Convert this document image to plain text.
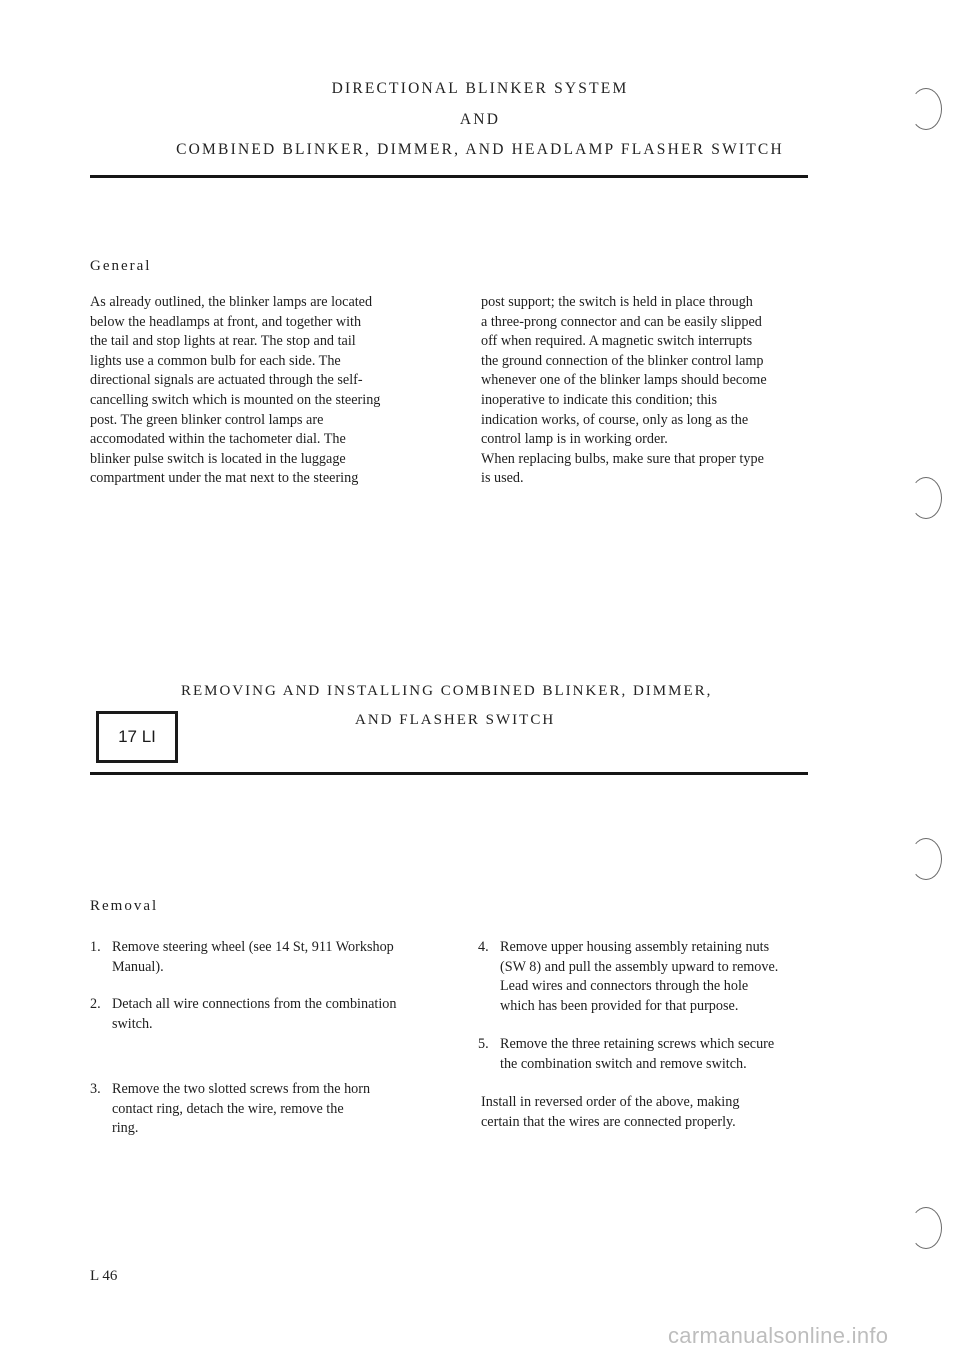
DIRECTIONAL BLINKER SYSTEM
AND
COMBINED BLINKER, DIMMER, AND HEADLAMP FLASHER SWITCH
General
As already outlined, the blinker lamps are located
below the headlamps at front, and together with
the tail and stop lights at rear. The stop and tail
lights use a common bulb for each side. The
directional signals are actuated through the self-
cancelling switch which is mounted on the steering
post. The green blinker control lamps are
accomodated within the tachometer dial. The
blinker pulse switch is located in the luggage
compartment under the mat next to the steering
post support; the switch is held in place through
a three-prong connector and can be easily slipped
off when required. A magnetic switch interrupts
the ground connection of the blinker control lamp
whenever one of the blinker lamps should become
inoperative to indicate this condition; this
indication works, of course, only as long as the
control lamp is in working order.
When replacing bulbs, make sure that proper type
is used.
REMOVING AND INSTALLING COMBINED BLINKER, DIMMER,
AND FLASHER SWITCH
17 LI
Removal
1. Remove steering wheel (see 14 St, 911 Workshop
Manual).
2. Detach all wire connections from the combination
switch.
3. Remove the two slotted screws from the horn
contact ring, detach the wire, remove the
ring.
4. Remove upper housing assembly retaining nuts
(SW 8) and pull the assembly upward to remove.
Lead wires and connectors through the hole
which has been provided for that purpose.
5. Remove the three retaining screws which secure
the combination switch and remove switch.
Install in reversed order of the above, making
certain that the wires are connected properly.
L 46
carmanualsonline.info
